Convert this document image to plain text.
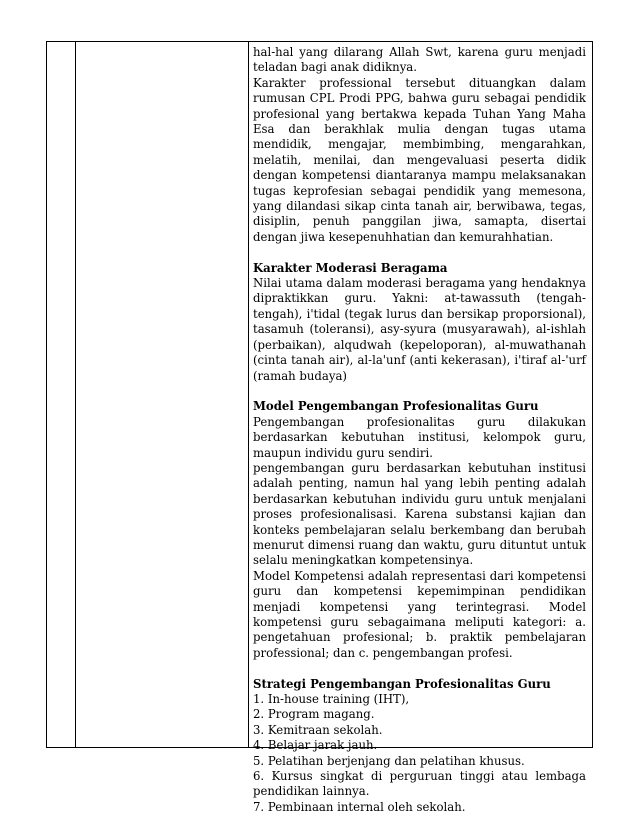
hal-hal yang dilarang Allah Swt, karena guru menjadi teladan bagi anak didiknya.

Karakter professional tersebut dituangkan dalam rumusan CPL Prodi PPG, bahwa guru sebagai pendidik profesional yang bertakwa kepada Tuhan Yang Maha Esa dan berakhlak mulia dengan tugas utama mendidik, mengajar, membimbing, mengarahkan, melatih, menilai, dan mengevaluasi peserta didik dengan kompetensi diantaranya mampu melaksanakan tugas keprofesian sebagai pendidik yang memesona, yang dilandasi sikap cinta tanah air, berwibawa, tegas, disiplin, penuh panggilan jiwa, samapta, disertai dengan jiwa kesepenuhhatian dan kemurahhatian.

Karakter Moderasi Beragama

Nilai utama dalam moderasi beragama yang hendaknya dipraktikkan guru. Yakni: at-tawassuth (tengah-tengah), i'tidal (tegak lurus dan bersikap proporsional), tasamuh (toleransi), asy-syura (musyarawah), al-ishlah (perbaikan), alqudwah (kepeloporan), al-muwathanah (cinta tanah air), al-la'unf (anti kekerasan), i'tiraf al-'urf (ramah budaya)

Model Pengembangan Profesionalitas Guru

Pengembangan profesionalitas guru dilakukan berdasarkan kebutuhan institusi, kelompok guru, maupun individu guru sendiri.

pengembangan guru berdasarkan kebutuhan institusi adalah penting, namun hal yang lebih penting adalah berdasarkan kebutuhan individu guru untuk menjalani proses profesionalisasi. Karena substansi kajian dan konteks pembelajaran selalu berkembang dan berubah menurut dimensi ruang dan waktu, guru dituntut untuk selalu meningkatkan kompetensinya.

Model Kompetensi adalah representasi dari kompetensi guru dan kompetensi kepemimpinan pendidikan menjadi kompetensi yang terintegrasi. Model kompetensi guru sebagaimana meliputi kategori: a. pengetahuan profesional; b. praktik pembelajaran professional; dan c. pengembangan profesi.

Strategi Pengembangan Profesionalitas Guru

1. In-house training (IHT),

2. Program magang.

3. Kemitraan sekolah.

4. Belajar jarak jauh.

5. Pelatihan berjenjang dan pelatihan khusus.

6. Kursus singkat di perguruan tinggi atau lembaga pendidikan lainnya.

7. Pembinaan internal oleh sekolah.
